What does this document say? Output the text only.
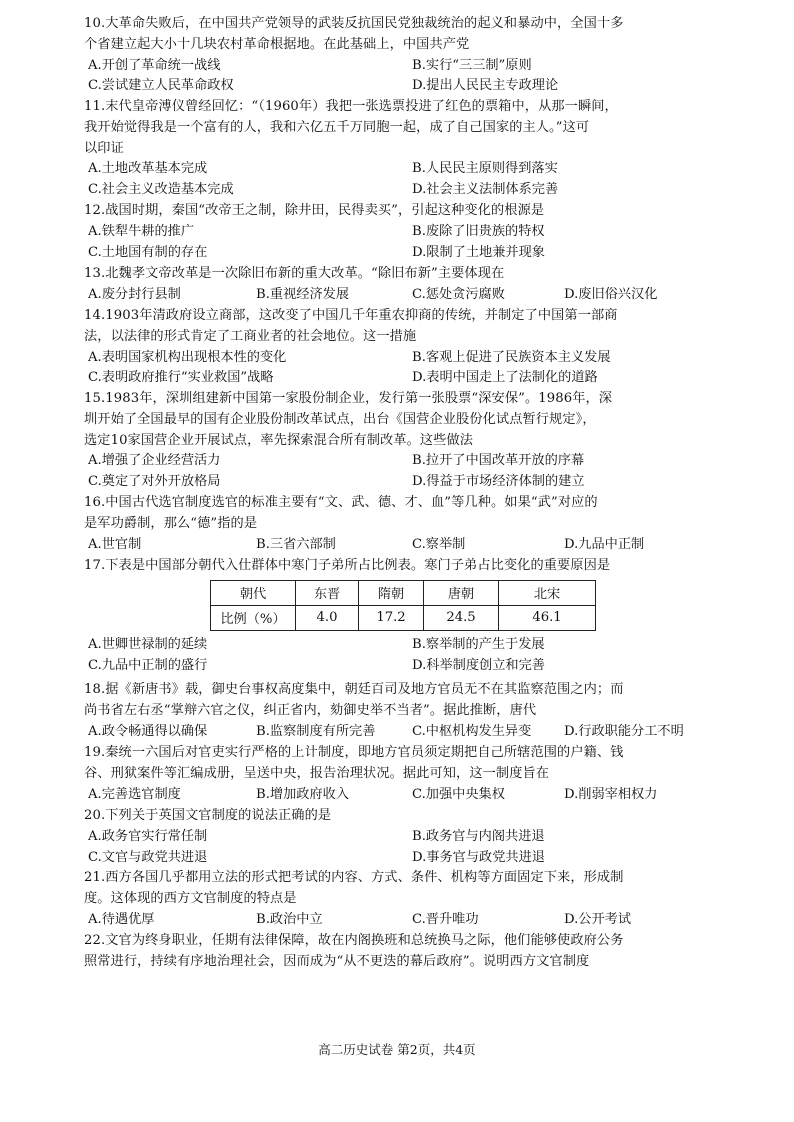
10.大革命失败后，在中国共产党领导的武装反抗国民党独裁统治的起义和暴动中，全国十多
个省建立起大小十几块农村革命根据地。在此基础上，中国共产党
A.开创了革命统一战线	B.实行“三三制”原则
C.尝试建立人民革命政权	D.提出人民民主专政理论
11.末代皇帝溥仪曾经回忆：“（1960年）我把一张选票投进了红色的票箱中，从那一瞬间，
我开始觉得我是一个富有的人，我和六亿五千万同胞一起，成了自己国家的主人。”这可
以印证
A.土地改革基本完成	B.人民民主原则得到落实
C.社会主义改造基本完成	D.社会主义法制体系完善
12.战国时期，秦国“改帝王之制，除井田，民得卖买”，引起这种变化的根源是
A.铁犁牛耕的推广	B.废除了旧贵族的特权
C.土地国有制的存在	D.限制了土地兼并现象
13.北魏孝文帝改革是一次除旧布新的重大改革。“除旧布新”主要体现在
A.废分封行县制	B.重视经济发展	C.惩处贪污腐败	D.废旧俗兴汉化
14.1903年清政府设立商部，这改变了中国几千年重农抑商的传统，并制定了中国第一部商
法，以法律的形式肯定了工商业者的社会地位。这一措施
A.表明国家机构出现根本性的变化	B.客观上促进了民族资本主义发展
C.表明政府推行“实业救国”战略	D.表明中国走上了法制化的道路
15.1983年，深圳组建新中国第一家股份制企业，发行第一张股票“深安保”。1986年，深
圳开始了全国最早的国有企业股份制改革试点，出台《国营企业股份化试点暂行规定》，
选定10家国营企业开展试点，率先探索混合所有制改革。这些做法
A.增强了企业经营活力	B.拉开了中国改革开放的序幕
C.奠定了对外开放格局	D.得益于市场经济体制的建立
16.中国古代选官制度选官的标准主要有“文、武、德、才、血”等几种。如果“武”对应的
是军功爵制，那么“德”指的是
A.世官制	B.三省六部制	C.察举制	D.九品中正制
17.下表是中国部分朝代入仕群体中寒门子弟所占比例表。寒门子弟占比变化的重要原因是
朝代	东晋	隋朝	唐朝	北宋
比例（%）	4.0	17.2	24.5	46.1
A.世卿世禄制的延续	B.察举制的产生于发展
C.九品中正制的盛行	D.科举制度创立和完善
18.据《新唐书》载，御史台事权高度集中，朝廷百司及地方官员无不在其监察范围之内；而
尚书省左右丞“掌辩六官之仪，纠正省内，劾御史举不当者”。据此推断，唐代
A.政令畅通得以确保	B.监察制度有所完善	C.中枢机构发生异变 D.行政职能分工不明
19.秦统一六国后对官吏实行严格的上计制度，即地方官员须定期把自己所辖范围的户籍、钱
谷、刑狱案件等汇编成册，呈送中央，报告治理状况。据此可知，这一制度旨在
A.完善选官制度	B.增加政府收入	C.加强中央集权	D.削弱宰相权力
20.下列关于英国文官制度的说法正确的是
A.政务官实行常任制	B.政务官与内阁共进退
C.文官与政党共进退	D.事务官与政党共进退
21.西方各国几乎都用立法的形式把考试的内容、方式、条件、机构等方面固定下来，形成制
度。这体现的西方文官制度的特点是
A.待遇优厚	B.政治中立	C.晋升唯功	D.公开考试
22.文官为终身职业，任期有法律保障，故在内阁换班和总统换马之际，他们能够使政府公务
照常进行，持续有序地治理社会，因而成为“从不更迭的幕后政府”。说明西方文官制度
高二历史试卷 第2页，共4页
